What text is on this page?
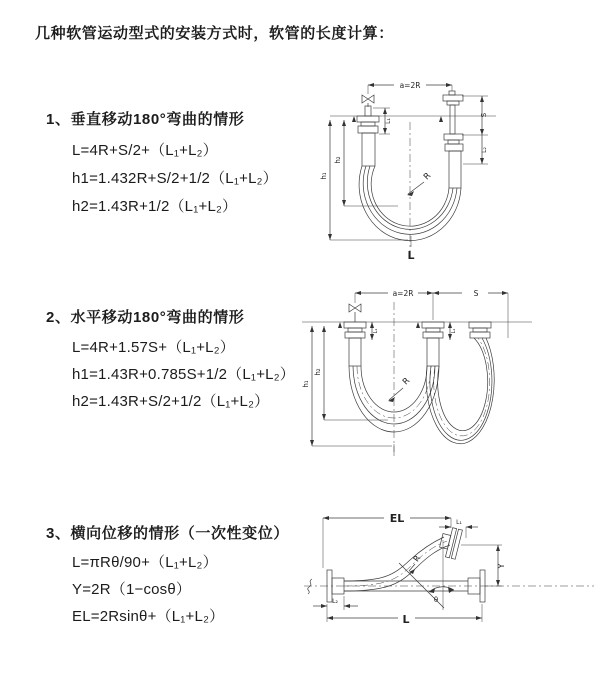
几种软管运动型式的安装方式时，软管的长度计算：
1、垂直移动180°弯曲的情形
L=4R+S/2+（L₁+L₂）
h1=1.432R+S/2+1/2（L₁+L₂）
h2=1.43R+1/2（L₁+L₂）
2、水平移动180°弯曲的情形
L=4R+1.57S+（L₁+L₂）
h1=1.43R+0.785S+1/2（L₁+L₂）
h2=1.43R+S/2+1/2（L₁+L₂）
3、横向位移的情形（一次性变位）
L=πRθ/90+（L₁+L₂）
Y=2R（1−cosθ）
EL=2Rsinθ+（L₁+L₂）
a=2R
S
L₂
h₁
h₂
L₁
R
L
a=2R	S
L₁	L₁
h₁
h₂
R
EL	L₁
Y
θ
R
L₂
L
